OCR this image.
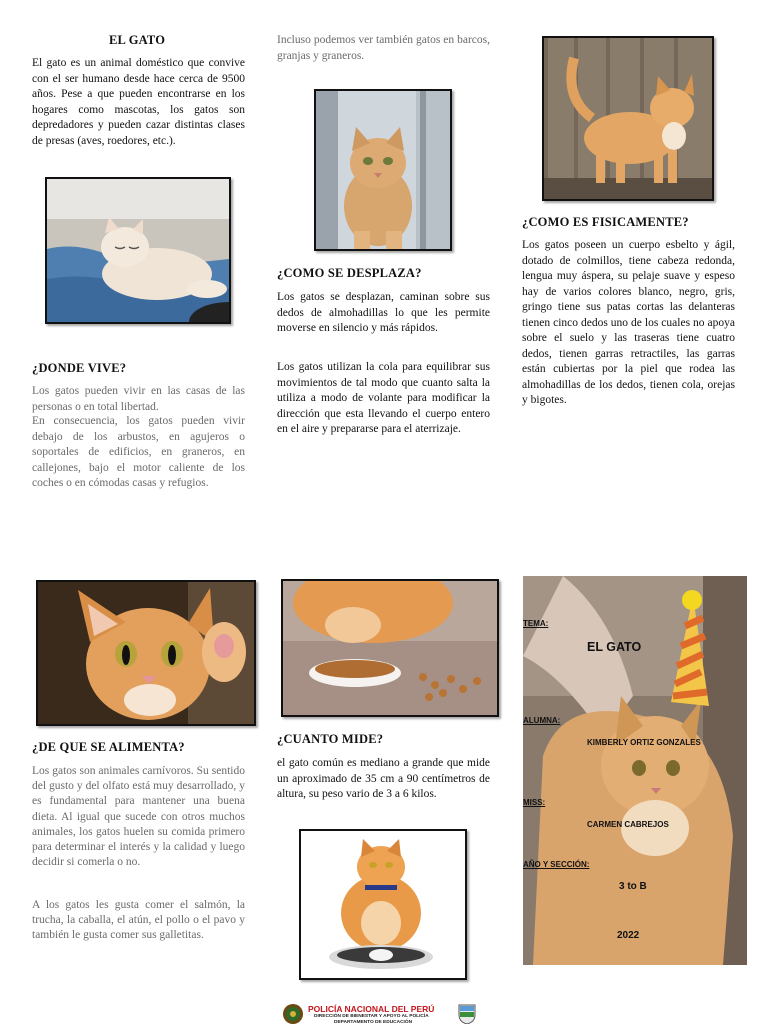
EL GATO
El gato es un animal doméstico que convive con el ser humano desde hace cerca de 9500 años. Pese a que pueden encontrarse en los hogares como mascotas, los gatos son depredadores y pueden cazar distintas clases de presas (aves, roedores, etc.).
¿DONDE VIVE?
Los gatos pueden vivir en las casas de las personas o en total libertad.
En consecuencia, los gatos pueden vivir debajo de los arbustos, en agujeros o soportales de edificios, en graneros, en callejones, bajo el motor caliente de los coches o en cómodas casas y refugios.
Incluso podemos ver también gatos en barcos, granjas y graneros.
¿COMO SE DESPLAZA?
Los gatos se desplazan, caminan sobre sus dedos de almohadillas lo que les permite moverse en silencio y más rápidos.
Los gatos utilizan la cola para equilibrar sus movimientos de tal modo que cuanto salta la utiliza a modo de volante para modificar la dirección que esta llevando el cuerpo entero en el aire y prepararse para el aterrizaje.
¿COMO ES FISICAMENTE?
Los gatos poseen un cuerpo esbelto y ágil, dotado de colmillos, tiene cabeza redonda, lengua muy áspera, su pelaje suave y espeso hay de varios colores blanco, negro, gris, gringo tiene sus patas cortas las delanteras tienen cinco dedos uno de los cuales no apoya sobre el suelo y las traseras tiene cuatro dedos, tienen garras retractiles, las garras están cubiertas por la piel que rodea las almohadillas de los dedos, tienen cola, orejas y bigotes.
¿DE QUE SE ALIMENTA?
Los gatos son animales carnívoros. Su sentido del gusto y del olfato está muy desarrollado, y es fundamental para mantener una buena dieta. Al igual que sucede con otros muchos animales, los gatos huelen su comida primero para determinar el interés y la calidad y luego decidir si comerla o no.
A los gatos les gusta comer el salmón, la trucha, la caballa, el atún, el pollo o el pavo y también le gusta comer sus galletitas.
¿CUANTO MIDE?
el gato común es mediano a grande que mide un aproximado de 35 cm a 90 centímetros de altura, su peso vario de 3 a 6 kilos.
POLICÍA NACIONAL DEL PERÚ
DIRECCIÓN DE BIENESTAR Y APOYO AL POLICÍA
DEPARTAMENTO DE EDUCACIÓN
TEMA:
EL GATO
ALUMNA:
KIMBERLY ORTIZ GONZALES
MISS:
CARMEN CABREJOS
AÑO Y SECCIÓN:
3 to B
2022
